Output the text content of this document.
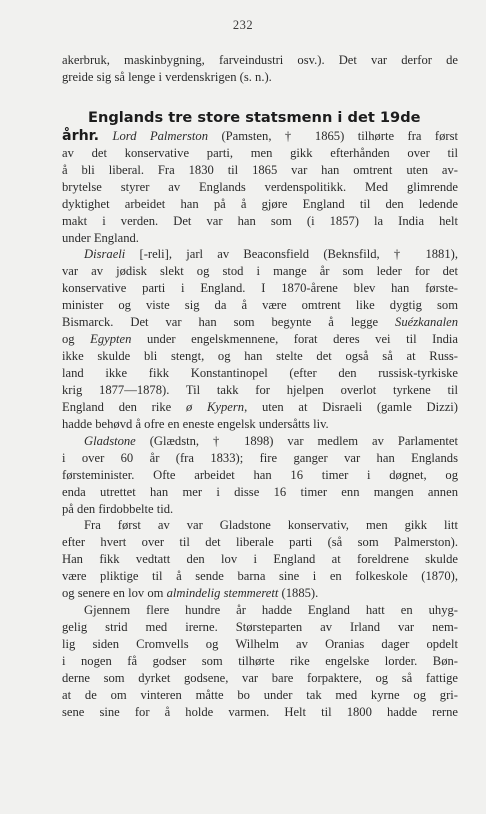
232
akerbruk, maskinbygning, farveindustri osv.). Det var derfor de
greide sig så lenge i verdenskrigen (s. n.).
Englands tre store statsmenn i det 19de
århr. Lord Palmerston (Pamsten, † 1865) tilhørte fra først
av det konservative parti, men gikk efterhånden over til
å bli liberal. Fra 1830 til 1865 var han omtrent uten av-
brytelse styrer av Englands verdenspolitikk. Med glimrende
dyktighet arbeidet han på å gjøre England til den ledende
makt i verden. Det var han som (i 1857) la India helt
under England.
Disraeli [-reli], jarl av Beaconsfield (Beknsfild, † 1881),
var av jødisk slekt og stod i mange år som leder for det
konservative parti i England. I 1870-årene blev han første-
minister og viste sig da å være omtrent like dygtig som
Bismarck. Det var han som begynte å legge Suézkanalen
og Egypten under engelskmennene, forat deres vei til India
ikke skulde bli stengt, og han stelte det også så at Russ-
land ikke fikk Konstantinopel (efter den russisk-tyrkiske
krig 1877—1878). Til takk for hjelpen overlot tyrkene til
England den rike ø Kypern, uten at Disraeli (gamle Dizzi)
hadde behøvd å ofre en eneste engelsk undersåtts liv.
Gladstone (Glædstn, † 1898) var medlem av Parlamentet
i over 60 år (fra 1833); fire ganger var han Englands
førsteminister. Ofte arbeidet han 16 timer i døgnet, og
enda utrettet han mer i disse 16 timer enn mangen annen
på den firdobbelte tid.
Fra først av var Gladstone konservativ, men gikk litt
efter hvert over til det liberale parti (så som Palmerston).
Han fikk vedtatt den lov i England at foreldrene skulde
være pliktige til å sende barna sine i en folkeskole (1870),
og senere en lov om almindelig stemmerett (1885).
Gjennem flere hundre år hadde England hatt en uhyg-
gelig strid med irerne. Størsteparten av Irland var nem-
lig siden Cromvells og Wilhelm av Oranias dager opdelt
i nogen få godser som tilhørte rike engelske lorder. Bøn-
derne som dyrket godsene, var bare forpaktere, og så fattige
at de om vinteren måtte bo under tak med kyrne og gri-
sene sine for å holde varmen. Helt til 1800 hadde rerne
